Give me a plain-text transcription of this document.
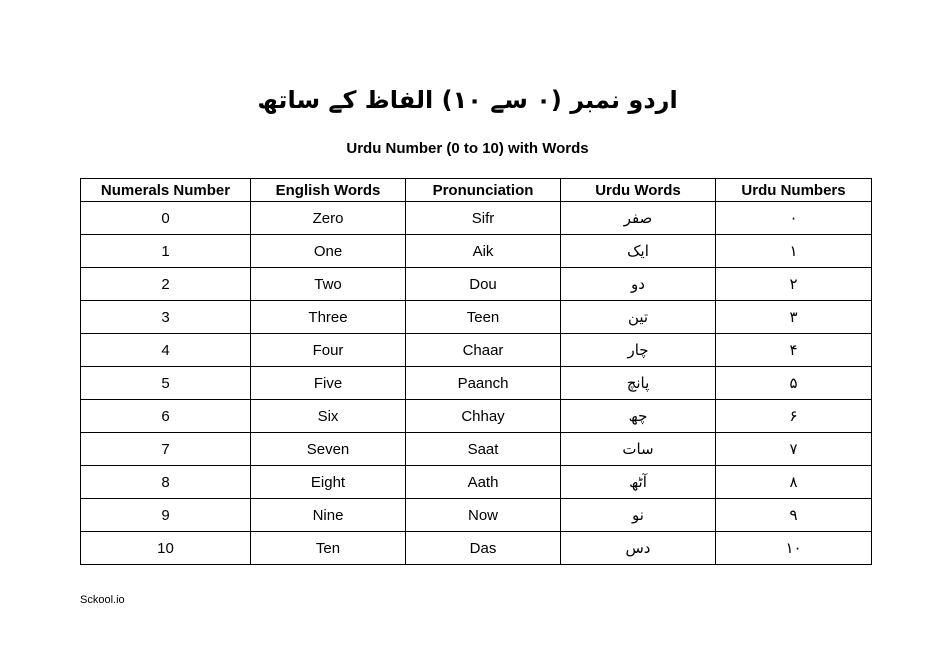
اردو نمبر (۰ سے ۱۰) الفاظ کے ساتھ
Urdu Number (0 to 10) with Words
Numerals Number	English Words	Pronunciation	Urdu Words	Urdu Numbers
0	Zero	Sifr	صفر	۰
1	One	Aik	ایک	۱
2	Two	Dou	دو	۲
3	Three	Teen	تین	۳
4	Four	Chaar	چار	۴
5	Five	Paanch	پانچ	۵
6	Six	Chhay	چھ	۶
7	Seven	Saat	سات	۷
8	Eight	Aath	آٹھ	۸
9	Nine	Now	نو	۹
10	Ten	Das	دس	۱۰
Sckool.io
